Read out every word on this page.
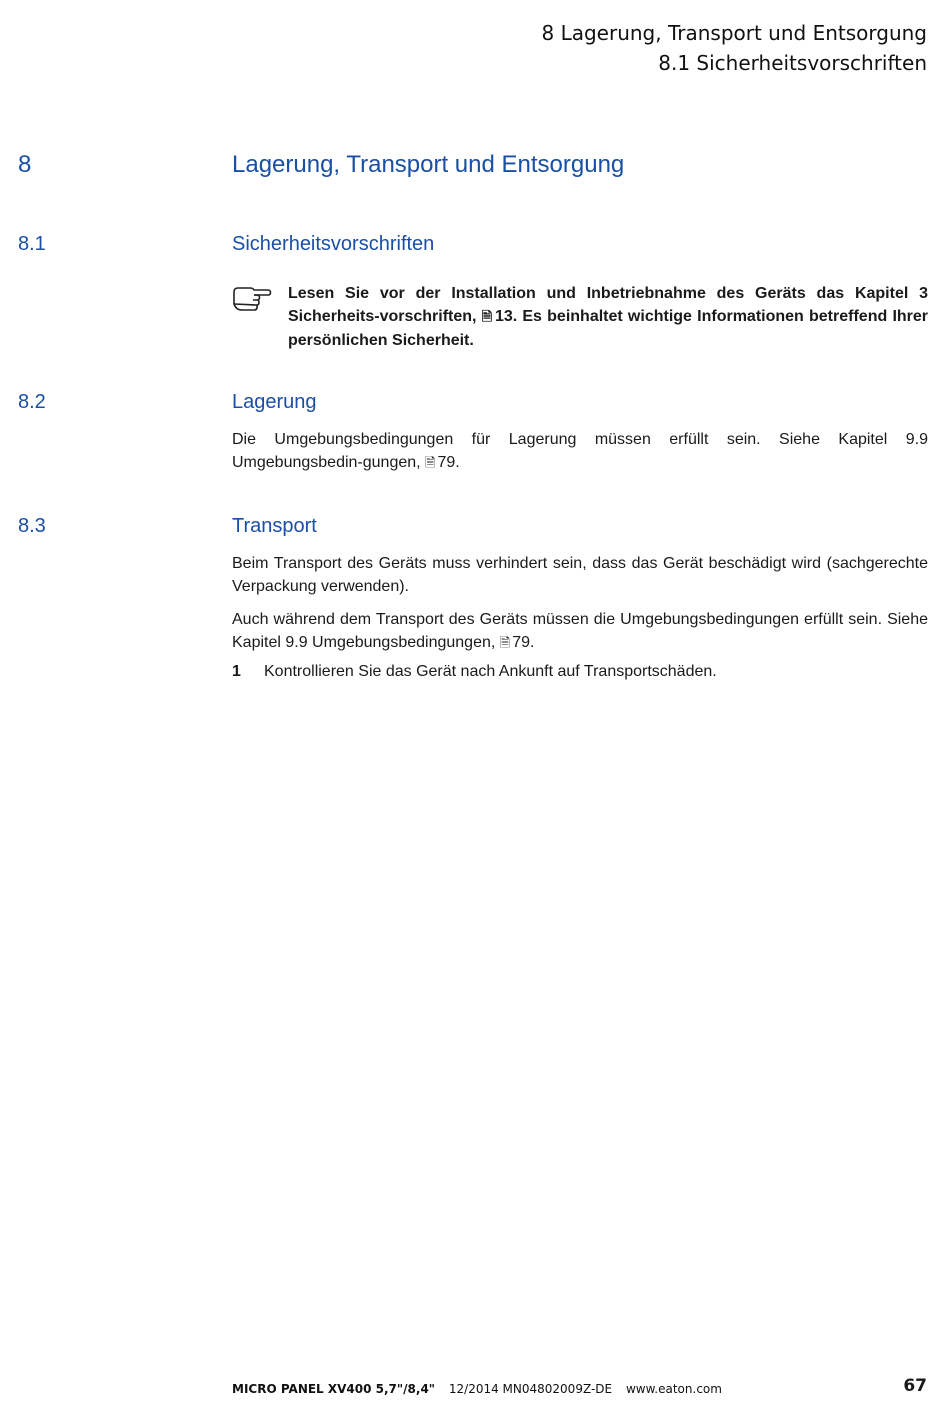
8 Lagerung, Transport und Entsorgung
8.1 Sicherheitsvorschriften
8	Lagerung, Transport und Entsorgung
8.1	Sicherheitsvorschriften
Lesen Sie vor der Installation und Inbetriebnahme des Geräts das Kapitel 3 Sicherheits-vorschriften, 🗎 13. Es beinhaltet wichtige Informationen betreffend Ihrer persönlichen Sicherheit.
8.2	Lagerung
Die Umgebungsbedingungen für Lagerung müssen erfüllt sein. Siehe Kapitel 9.9 Umgebungsbedin-gungen, 🗎 79.
8.3	Transport
Beim Transport des Geräts muss verhindert sein, dass das Gerät beschädigt wird (sachgerechte Verpackung verwenden).
Auch während dem Transport des Geräts müssen die Umgebungsbedingungen erfüllt sein. Siehe Kapitel 9.9 Umgebungsbedingungen, 🗎 79.
1 Kontrollieren Sie das Gerät nach Ankunft auf Transportschäden.
MICRO PANEL XV400 5,7"/8,4" 12/2014 MN04802009Z-DE www.eaton.com	67
